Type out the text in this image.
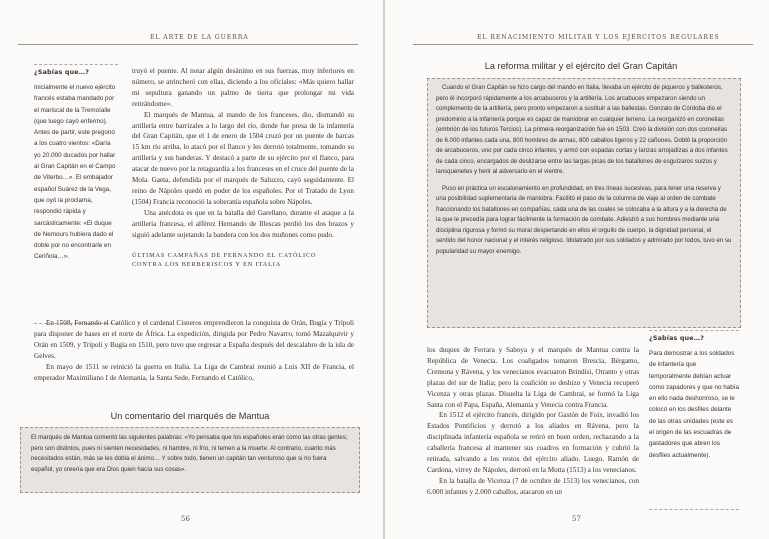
EL ARTE DE LA GUERRA
¿Sabías que…?
Inicialmente el nuevo ejército francés estaba mandado por el mariscal de la Tremoïalle (que luego cayó enfermo). Antes de partir, este pregonó a los cuatro vientos: «Daría yo 20.000 ducados por hallar al Gran Capitán en el Campo de Viterbo…». El embajador español Suárez de la Vega, que oyó la proclama, respondió rápida y sarcásticamente: «El duque de Nemours hubiera dado el doble por no encontrarle en Ceriñola…».

truyó el puente. Al notar algún desánimo en sus fuerzas, muy inferiores en número, se atrincheró con ellas, diciendo a los oficiales: «Más quiero hallar mi sepultura ganando un palmo de tierra que prolongar mi vida retirándome».

El marqués de Mantua, al mando de los franceses, dio, dismandó su artillería entre barrizales a lo largo del río, donde fue presa de la infantería del Gran Capitán, que el 1 de enero de 1504 cruzó por un puente de barcas 15 km río arriba, lo atacó por el flanco y les derrotó totalmente, tomando su artillería y sus banderas. Y destacó a parte de su ejército por el flanco, para atacar de nuevo por la retaguardia a los franceses en el cruce del puente de la Mola. Gaeta, defendida por el marqués de Saluzzo, cayó seguidamente. El reino de Nápoles quedó en poder de los españoles. Por el Tratado de Lyon (1504) Francia reconoció la soberanía española sobre Nápoles.

Una anécdota es que en la batalla del Garellano, durante el ataque a la artillería francesa, el alférez Hernando de Illescas perdió los dos brazos y siguió adelante sujetando la bandera con los dos muñones como pudo.

ÚLTIMAS CAMPAÑAS DE FERNANDO EL CATÓLICO
CONTRA LOS BERBERISCOS Y EN ITALIA

En 1508, Fernando el Católico y el cardenal Cisneros emprendieron la conquista de Orán, Bugía y Trípoli para disponer de bases en el norte de África. La expedición, dirigida por Pedro Navarro, tomó Mazalquivir y Orán en 1509, y Trípoli y Bugía en 1510, pero tuvo que regresar a España después del descalabro de la isla de Gelves.

En mayo de 1511 se reinició la guerra en Italia. La Liga de Cambrai reunió a Luis XII de Francia, el emperador Maximiliano I de Alemania, la Santa Sede, Fernando el Católico,

Un comentario del marqués de Mantua

El marqués de Mantua comentó las siguientes palabras: «Yo pensaba que los españoles eran como las otras gentes; pero son distintos, pues ni sienten necesidades, ni hambre, ni frío, ni temen a la muerte. Al contrario, cuanto más necesitados están, más se les dobla el ánimo… Y sobre todo, tienen un capitán tan venturoso que si no fuera español, yo creería que era Dios quien hacía sus cosas».

56
EL RENACIMIENTO MILITAR Y LOS EJÉRCITOS REGULARES
La reforma militar y el ejército del Gran Capitán

Cuando el Gran Capitán se hizo cargo del mando en Italia, llevaba un ejército de piqueros y ballesteros, pero él incorporó rápidamente a los arcabuceros y la artillería. Los arcabuces empezaron siendo un complemento de la artillería, pero pronto empezaron a sustituir a las ballestas. Gonzalo de Córdoba dio el predominio a la infantería porque es capaz de maniobrar en cualquier terreno. La reorganizó en coronelías (embrión de los futuros Tercios). La primera reorganización fue en 1503. Creó la división con dos coronelías de 6.000 infantes cada una, 800 hombres de armas, 800 caballos ligeros y 22 cañones. Dobló la proporción de arcabuceros, uno por cada cinco infantes, y armó con espadas cortas y lanzas arrojadizas a dos infantes de cada cinco, encargados de deslizarse entre las largas picas de los batallones de esguízaros suizos y lansquenetes y herir al adversario en el vientre.

Puso en práctica un escalonamiento en profundidad, en tres líneas sucesivas, para tener una reserva y una posibilidad suplementaria de maniobra. Facilitó el paso de la columna de viaje al orden de combate fraccionando los batallones en compañías, cada una de las cuales se colocaba a la altura y a la derecha de la que le precedía para lograr fácilmente la formación de combate. Adiestró a sus hombres mediante una disciplina rigurosa y formó su moral despertando en ellos el orgullo de cuerpo, la dignidad personal, el sentido del honor nacional y el interés religioso. Idolatrado por sus soldados y admirado por todos, tuvo en su popularidad su mayor enemigo.

los duques de Ferrara y Saboya y el marqués de Mantua contra la República de Venecia. Los coaligados tomaron Brescia, Bérgamo, Cremona y Rávena, y los venecianos evacuaron Brindisi, Otranto y otras plazas del sur de Italia; pero la coalición se deshizo y Venecia recuperó Vicenza y otras plazas. Disuelta la Liga de Cambrai, se formó la Liga Santa con el Papa, España, Alemania y Venecia contra Francia.

En 1512 el ejército francés, dirigido por Gastón de Foix, invadió los Estados Pontificios y derrotó a los aliados en Rávena, pero la disciplinada infantería española se retiró en buen orden, rechazando a la caballería francesa al mantener sus cuadros en formación y cubrió la retirada, salvando a los restos del ejército aliado. Luego, Ramón de Cardona, virrey de Nápoles, derrotó en la Motta (1513) a los venecianos.

En la batalla de Vicenza (7 de octubre de 1513) los venecianos, con 6.000 infantes y 2.000 caballos, atacaron en un

¿Sabías que…?
Para demostrar a los soldados de infantería que temporalmente debían actuar como zapadores y que no había en ello nada deshonroso, se le colocó en los desfiles delante de las otras unidades (este es el origen de las escuadras de gastadores que abren los desfiles actualmente).
57
